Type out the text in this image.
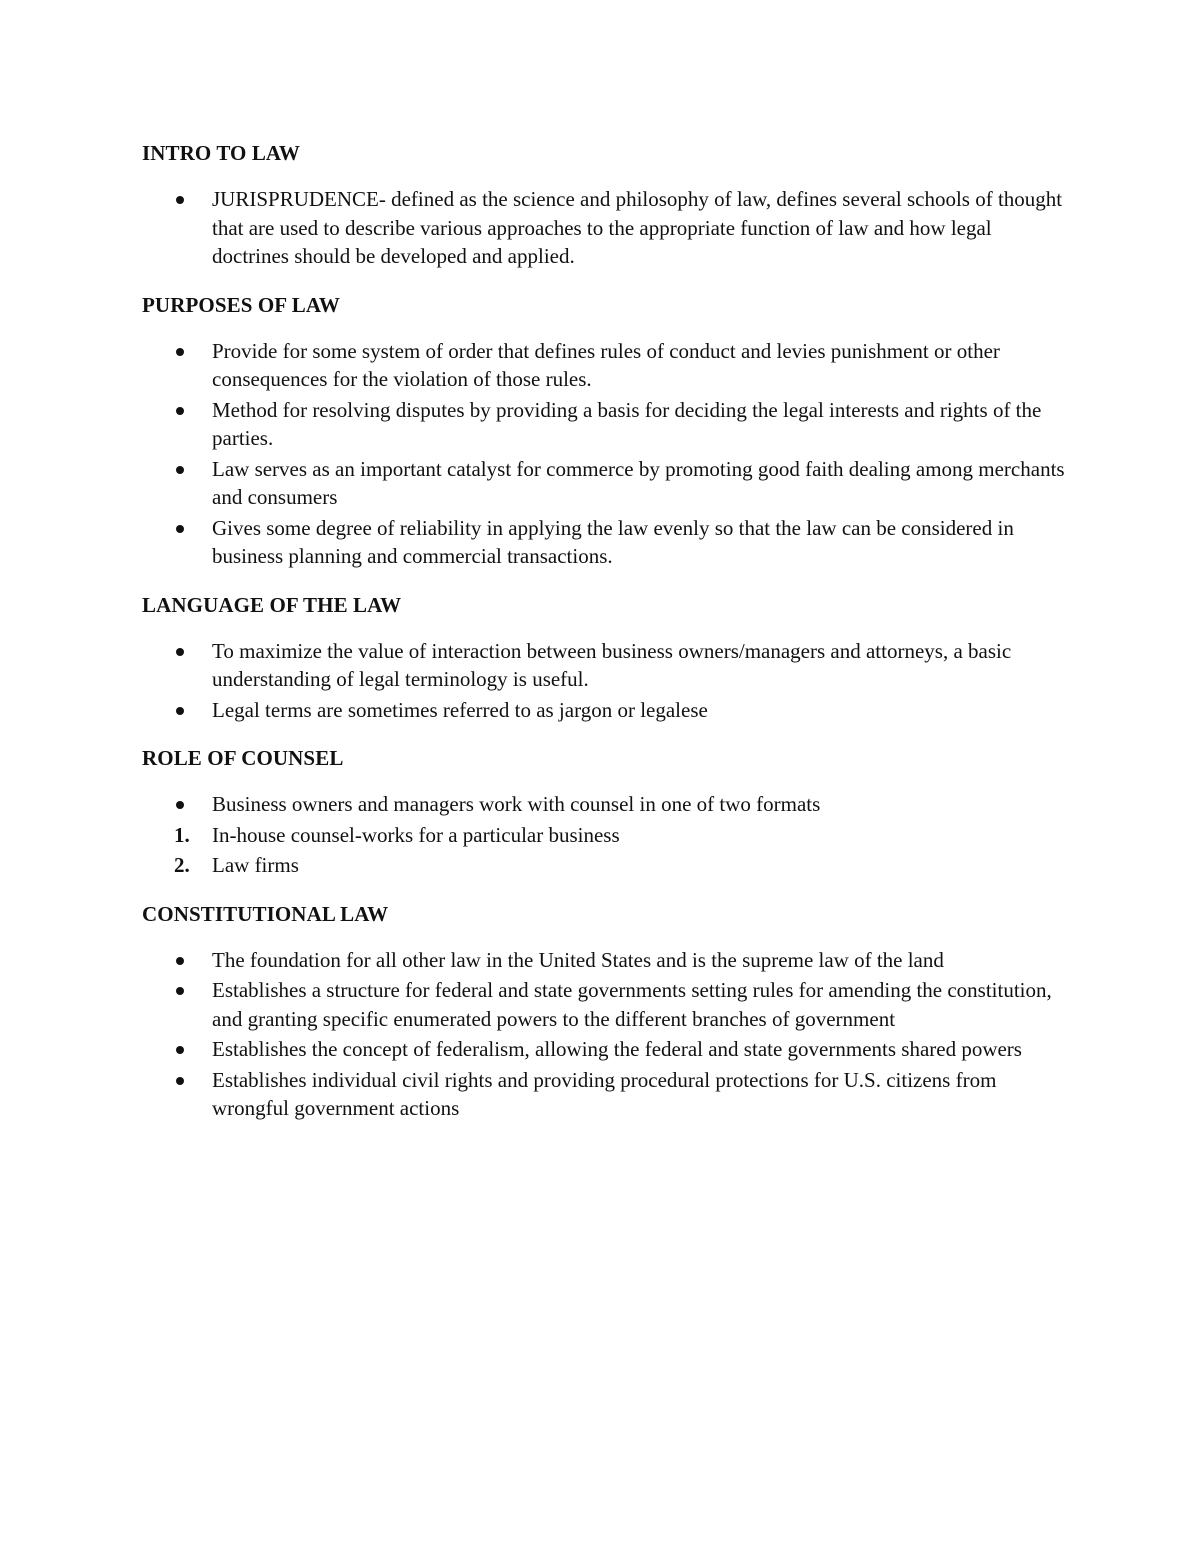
INTRO TO LAW
JURISPRUDENCE- defined as the science and philosophy of law, defines several schools of thought that are used to describe various approaches to the appropriate function of law and how legal doctrines should be developed and applied.
PURPOSES OF LAW
Provide for some system of order that defines rules of conduct and levies punishment or other consequences for the violation of those rules.
Method for resolving disputes by providing a basis for deciding the legal interests and rights of the parties.
Law serves as an important catalyst for commerce by promoting good faith dealing among merchants and consumers
Gives some degree of reliability in applying the law evenly so that the law can be considered in business planning and commercial transactions.
LANGUAGE OF THE LAW
To maximize the value of interaction between business owners/managers and attorneys, a basic understanding of legal terminology is useful.
Legal terms are sometimes referred to as jargon or legalese
ROLE OF COUNSEL
Business owners and managers work with counsel in one of two formats
1. In-house counsel-works for a particular business
2. Law firms
CONSTITUTIONAL LAW
The foundation for all other law in the United States and is the supreme law of the land
Establishes a structure for federal and state governments setting rules for amending the constitution, and granting specific enumerated powers to the different branches of government
Establishes the concept of federalism, allowing the federal and state governments shared powers
Establishes individual civil rights and providing procedural protections for U.S. citizens from wrongful government actions
